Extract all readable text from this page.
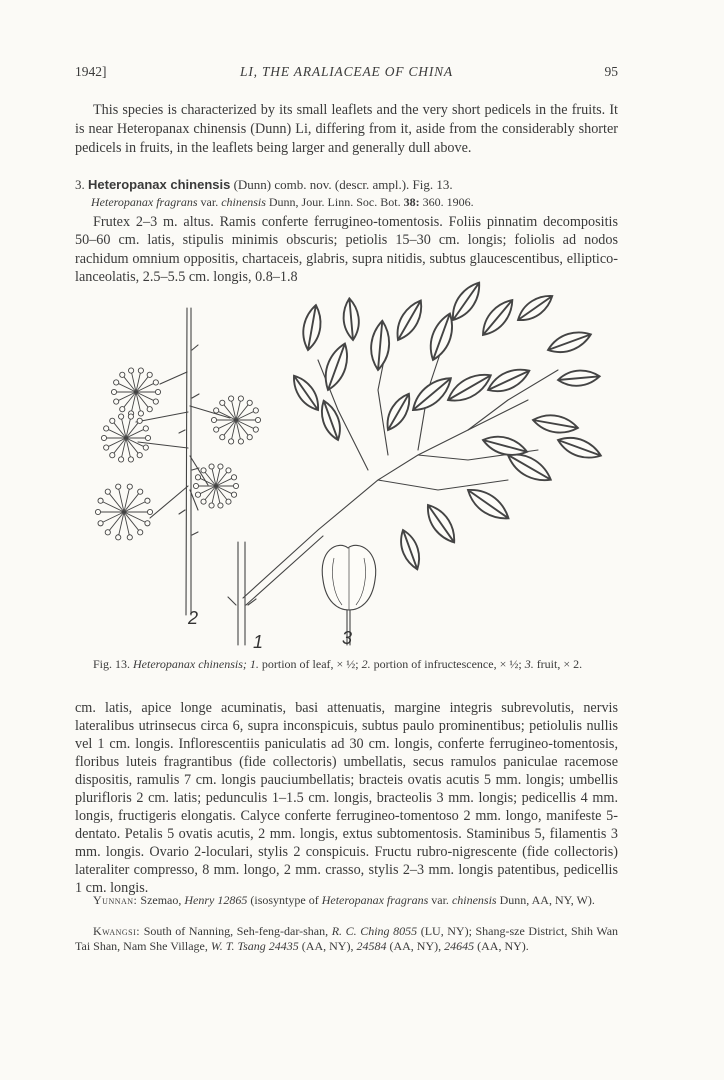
1942]	LI, THE ARALIACEAE OF CHINA	95
This species is characterized by its small leaflets and the very short pedicels in the fruits. It is near Heteropanax chinensis (Dunn) Li, differing from it, aside from the considerably shorter pedicels in fruits, in the leaflets being larger and generally dull above.
3. Heteropanax chinensis (Dunn) comb. nov. (descr. ampl.). Fig. 13.
Heteropanax fragrans var. chinensis Dunn, Jour. Linn. Soc. Bot. 38: 360. 1906.
Frutex 2–3 m. altus. Ramis conferte ferrugineo-tomentosis. Foliis pinnatim decompositis 50–60 cm. latis, stipulis minimis obscuris; petiolis 15–30 cm. longis; foliolis ad nodos rachidum omnium oppositis, chartaceis, glabris, supra nitidis, subtus glaucescentibus, elliptico-lanceolatis, 2.5–5.5 cm. longis, 0.8–1.8
2
1	3
Fig. 13. Heteropanax chinensis; 1. portion of leaf, × ½; 2. portion of infructescence, × ½; 3. fruit, × 2.
cm. latis, apice longe acuminatis, basi attenuatis, margine integris subrevolutis, nervis lateralibus utrinsecus circa 6, supra inconspicuis, subtus paulo prominentibus; petiolulis nullis vel 1 cm. longis. Inflorescentiis paniculatis ad 30 cm. longis, conferte ferrugineo-tomentosis, floribus luteis fragrantibus (fide collectoris) umbellatis, secus ramulos paniculae racemose dispositis, ramulis 7 cm. longis pauciumbellatis; bracteis ovatis acutis 5 mm. longis; umbellis plurifloris 2 cm. latis; pedunculis 1–1.5 cm. longis, bracteolis 3 mm. longis; pedicellis 4 mm. longis, fructigeris elongatis. Calyce conferte ferrugineo-tomentoso 2 mm. longo, manifeste 5-dentato. Petalis 5 ovatis acutis, 2 mm. longis, extus subtomentosis. Staminibus 5, filamentis 3 mm. longis. Ovario 2-loculari, stylis 2 conspicuis. Fructu rubro-nigrescente (fide collectoris) lateraliter compresso, 8 mm. longo, 2 mm. crasso, stylis 2–3 mm. longis patentibus, pedicellis 1 cm. longis.
Yunnan: Szemao, Henry 12865 (isosyntype of Heteropanax fragrans var. chinensis Dunn, AA, NY, W).
Kwangsi: South of Nanning, Seh-feng-dar-shan, R. C. Ching 8055 (LU, NY); Shang-sze District, Shih Wan Tai Shan, Nam She Village, W. T. Tsang 24435 (AA, NY), 24584 (AA, NY), 24645 (AA, NY).
